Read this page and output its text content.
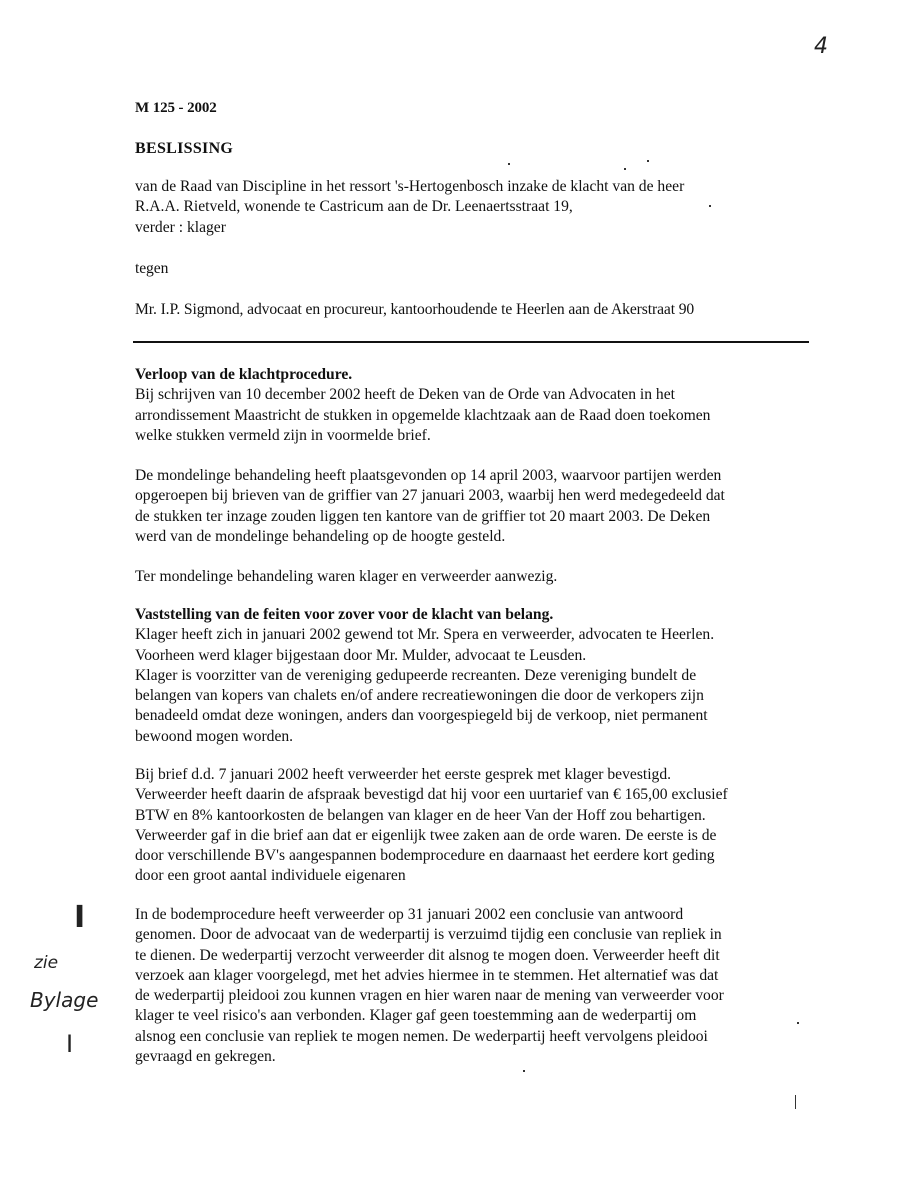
4
M 125 - 2002
BESLISSING

van de Raad van Discipline in het ressort 's-Hertogenbosch inzake de klacht van de heer

R.A.A. Rietveld, wonende te Castricum aan de Dr. Leenaertsstraat 19,

verder : klager

tegen
Mr. I.P. Sigmond, advocaat en procureur, kantoorhoudende te Heerlen aan de Akerstraat 90

Verloop van de klachtprocedure.

Bij schrijven van 10 december 2002 heeft de Deken van de Orde van Advocaten in het

arrondissement Maastricht de stukken in opgemelde klachtzaak aan de Raad doen toekomen

welke stukken vermeld zijn in voormelde brief.

De mondelinge behandeling heeft plaatsgevonden op 14 april 2003, waarvoor partijen werden

opgeroepen bij brieven van de griffier van 27 januari 2003, waarbij hen werd medegedeeld dat

de stukken ter inzage zouden liggen ten kantore van de griffier tot 20 maart 2003. De Deken

werd van de mondelinge behandeling op de hoogte gesteld.

Ter mondelinge behandeling waren klager en verweerder aanwezig.

Vaststelling van de feiten voor zover voor de klacht van belang.

Klager heeft zich in januari 2002 gewend tot Mr. Spera en verweerder, advocaten te Heerlen.

Voorheen werd klager bijgestaan door Mr. Mulder, advocaat te Leusden.

Klager is voorzitter van de vereniging gedupeerde recreanten. Deze vereniging bundelt de

belangen van kopers van chalets en/of andere recreatiewoningen die door de verkopers zijn

benadeeld omdat deze woningen, anders dan voorgespiegeld bij de verkoop, niet permanent

bewoond mogen worden.

Bij brief d.d. 7 januari 2002 heeft verweerder het eerste gesprek met klager bevestigd.

Verweerder heeft daarin de afspraak bevestigd dat hij voor een uurtarief van € 165,00 exclusief

BTW en 8% kantoorkosten de belangen van klager en de heer Van der Hoff zou behartigen.

Verweerder gaf in die brief aan dat er eigenlijk twee zaken aan de orde waren. De eerste is de

door verschillende BV's aangespannen bodemprocedure en daarnaast het eerdere kort geding

door een groot aantal individuele eigenaren

In de bodemprocedure heeft verweerder op 31 januari 2002 een conclusie van antwoord

genomen. Door de advocaat van de wederpartij is verzuimd tijdig een conclusie van repliek in

te dienen. De wederpartij verzocht verweerder dit alsnog te mogen doen. Verweerder heeft dit

verzoek aan klager voorgelegd, met het advies hiermee in te stemmen. Het alternatief was dat

de wederpartij pleidooi zou kunnen vragen en hier waren naar de mening van verweerder voor

klager te veel risico's aan verbonden. Klager gaf geen toestemming aan de wederpartij om

alsnog een conclusie van repliek te mogen nemen. De wederpartij heeft vervolgens pleidooi

gevraagd en gekregen.

I
zie
Bylage
I
